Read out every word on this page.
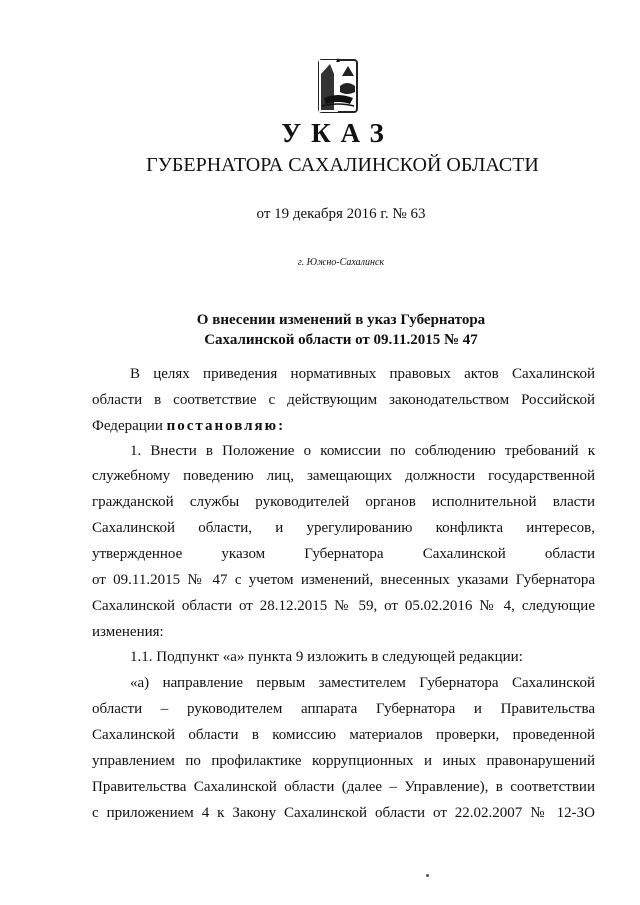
УКАЗ
ГУБЕРНАТОРА САХАЛИНСКОЙ ОБЛАСТИ
от 19 декабря 2016 г. № 63
г. Южно-Сахалинск
О внесении изменений в указ Губернатора
Сахалинской области от 09.11.2015 № 47
В целях приведения нормативных правовых актов Сахалинской
области в соответствие с действующим законодательством Российской
Федерации постановляю:
1. Внести в Положение о комиссии по соблюдению требований к
служебному поведению лиц, замещающих должности государственной
гражданской службы руководителей органов исполнительной власти
Сахалинской области, и урегулированию конфликта интересов,
утвержденное указом Губернатора Сахалинской области
от 09.11.2015 № 47 с учетом изменений, внесенных указами Губернатора
Сахалинской области от 28.12.2015 № 59, от 05.02.2016 № 4, следующие
изменения:
1.1. Подпункт «а» пункта 9 изложить в следующей редакции:
«а) направление первым заместителем Губернатора Сахалинской
области – руководителем аппарата Губернатора и Правительства
Сахалинской области в комиссию материалов проверки, проведенной
управлением по профилактике коррупционных и иных правонарушений
Правительства Сахалинской области (далее – Управление), в соответствии
с приложением 4 к Закону Сахалинской области от 22.02.2007 № 12-ЗО
